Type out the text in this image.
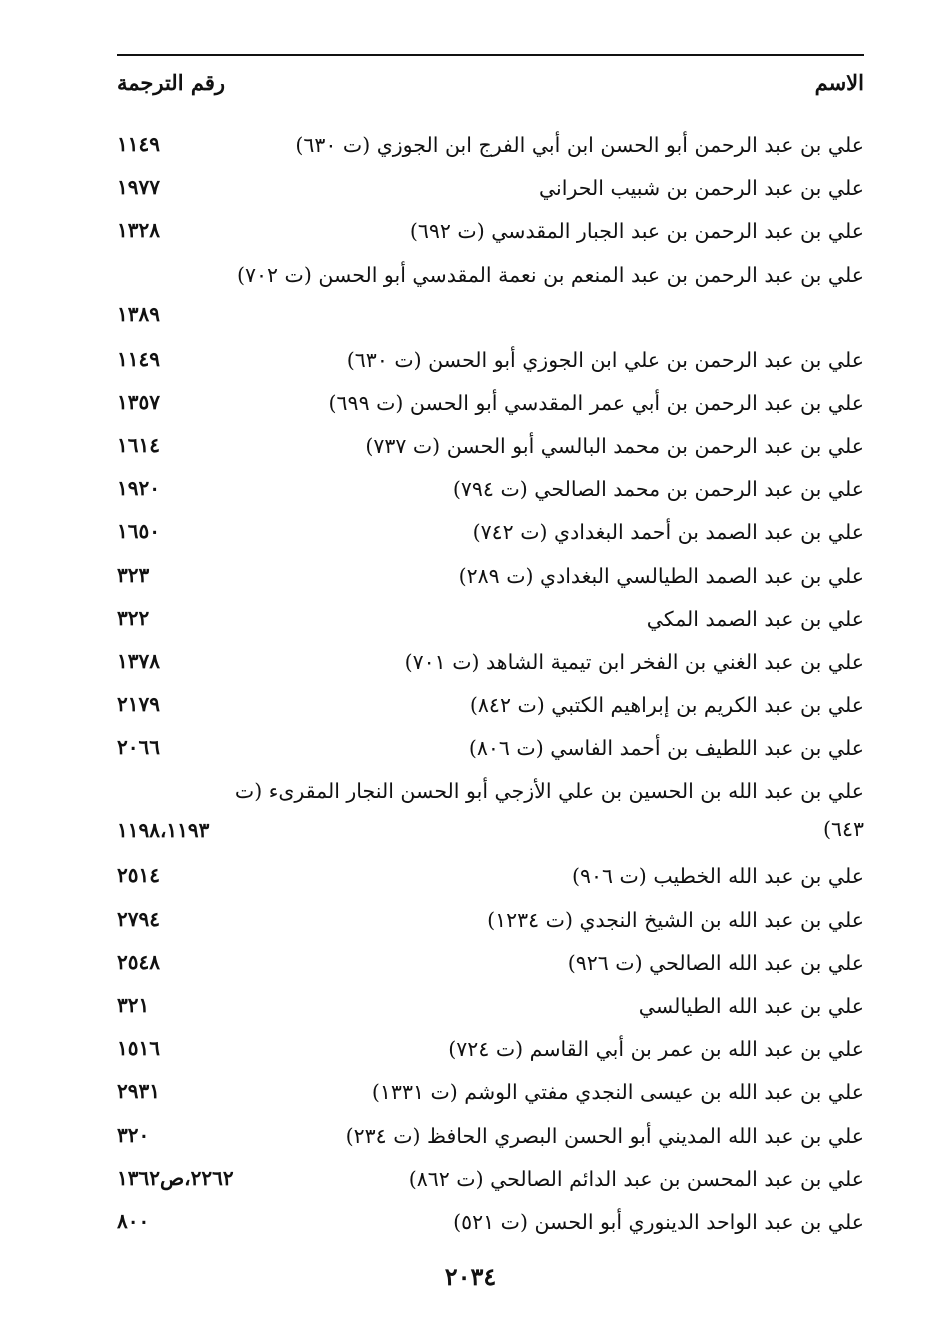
الاسم
رقم الترجمة
علي بن عبد الرحمن أبو الحسن ابن أبي الفرج ابن الجوزي (ت ٦٣٠)
١١٤٩
علي بن عبد الرحمن بن شبيب الحراني
١٩٧٧
علي بن عبد الرحمن بن عبد الجبار المقدسي (ت ٦٩٢)
١٣٢٨
علي بن عبد الرحمن بن عبد المنعم بن نعمة المقدسي أبو الحسن (ت ٧٠٢)
١٣٨٩
علي بن عبد الرحمن بن علي ابن الجوزي أبو الحسن (ت ٦٣٠)
١١٤٩
علي بن عبد الرحمن بن أبي عمر المقدسي أبو الحسن (ت ٦٩٩)
١٣٥٧
علي بن عبد الرحمن بن محمد البالسي أبو الحسن (ت ٧٣٧)
١٦١٤
علي بن عبد الرحمن بن محمد الصالحي (ت ٧٩٤)
١٩٢٠
علي بن عبد الصمد بن أحمد البغدادي (ت ٧٤٢)
١٦٥٠
علي بن عبد الصمد الطيالسي البغدادي (ت ٢٨٩)
٣٢٣
علي بن عبد الصمد المكي
٣٢٢
علي بن عبد الغني بن الفخر ابن تيمية الشاهد (ت ٧٠١)
١٣٧٨
علي بن عبد الكريم بن إبراهيم الكتبي (ت ٨٤٢)
٢١٧٩
علي بن عبد اللطيف بن أحمد الفاسي (ت ٨٠٦)
٢٠٦٦
علي بن عبد الله بن الحسين بن علي الأزجي أبو الحسن النجار المقرىء (ت ٦٤٣)
١١٩٨،١١٩٣
علي بن عبد الله الخطيب (ت ٩٠٦)
٢٥١٤
علي بن عبد الله بن الشيخ النجدي (ت ١٢٣٤)
٢٧٩٤
علي بن عبد الله الصالحي (ت ٩٢٦)
٢٥٤٨
علي بن عبد الله الطيالسي
٣٢١
علي بن عبد الله بن عمر بن أبي القاسم (ت ٧٢٤)
١٥١٦
علي بن عبد الله بن عيسى النجدي مفتي الوشم (ت ١٣٣١)
٢٩٣١
علي بن عبد الله المديني أبو الحسن البصري الحافظ (ت ٢٣٤)
٣٢٠
علي بن عبد المحسن بن عبد الدائم الصالحي (ت ٨٦٢)
٢٢٦٢،ص١٣٦٢
علي بن عبد الواحد الدينوري أبو الحسن (ت ٥٢١)
٨٠٠
٢٠٣٤
